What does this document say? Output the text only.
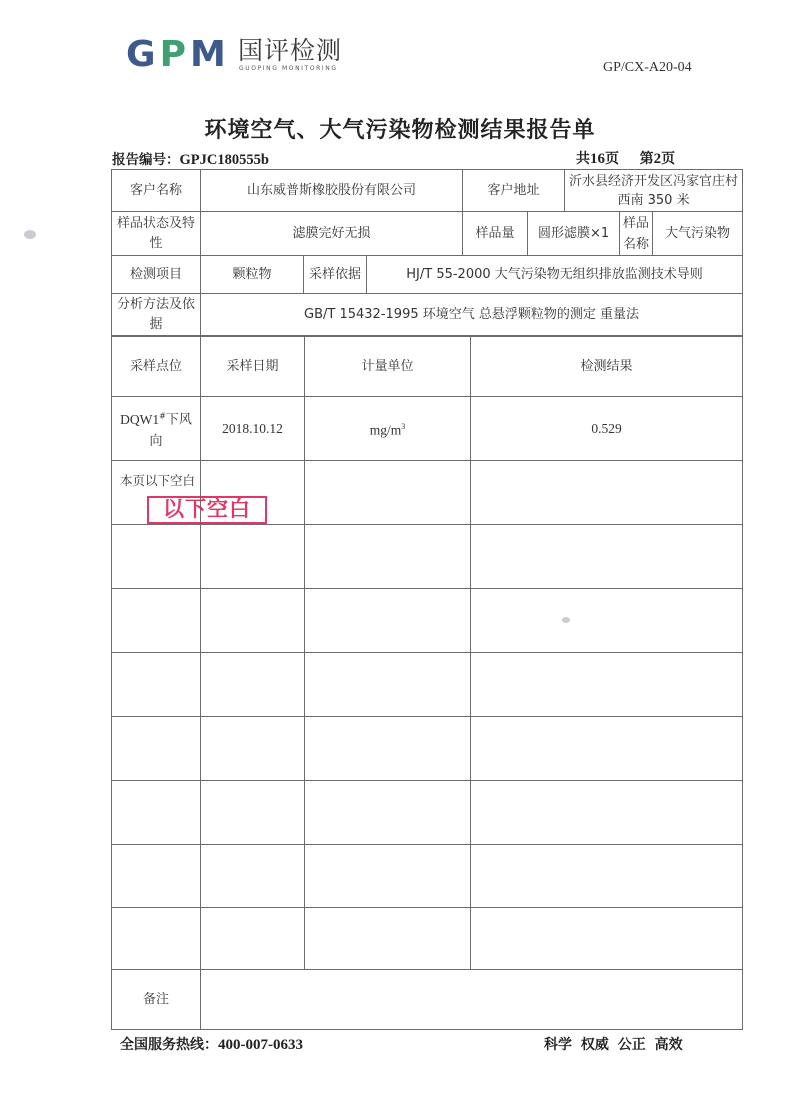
GPM 国评检测
GUOPING MONITORING	GP/CX-A20-04
环境空气、大气污染物检测结果报告单
报告编号：GPJC180555b	共16页 第2页
客户名称	山东威普斯橡胶股份有限公司			客户地址		沂水县经济开发区冯家官庄村西南 350 米		
样品状态及特性	滤膜完好无损			样品量	圆形滤膜×1		样品名称	大气污染物
检测项目	颗粒物	采样依据	HJ/T 55-2000 大气污染物无组织排放监测技术导则					
分析方法及依据	GB/T 15432-1995 环境空气 总悬浮颗粒物的测定 重量法							
采样点位	采样日期	计量单位	检测结果
DQW1#下风向	2018.10.12	$mg/m^3$	0.529
本页以下空白			

备注			
以下空白
全国服务热线：400-007-0633	科学 权威 公正 高效
